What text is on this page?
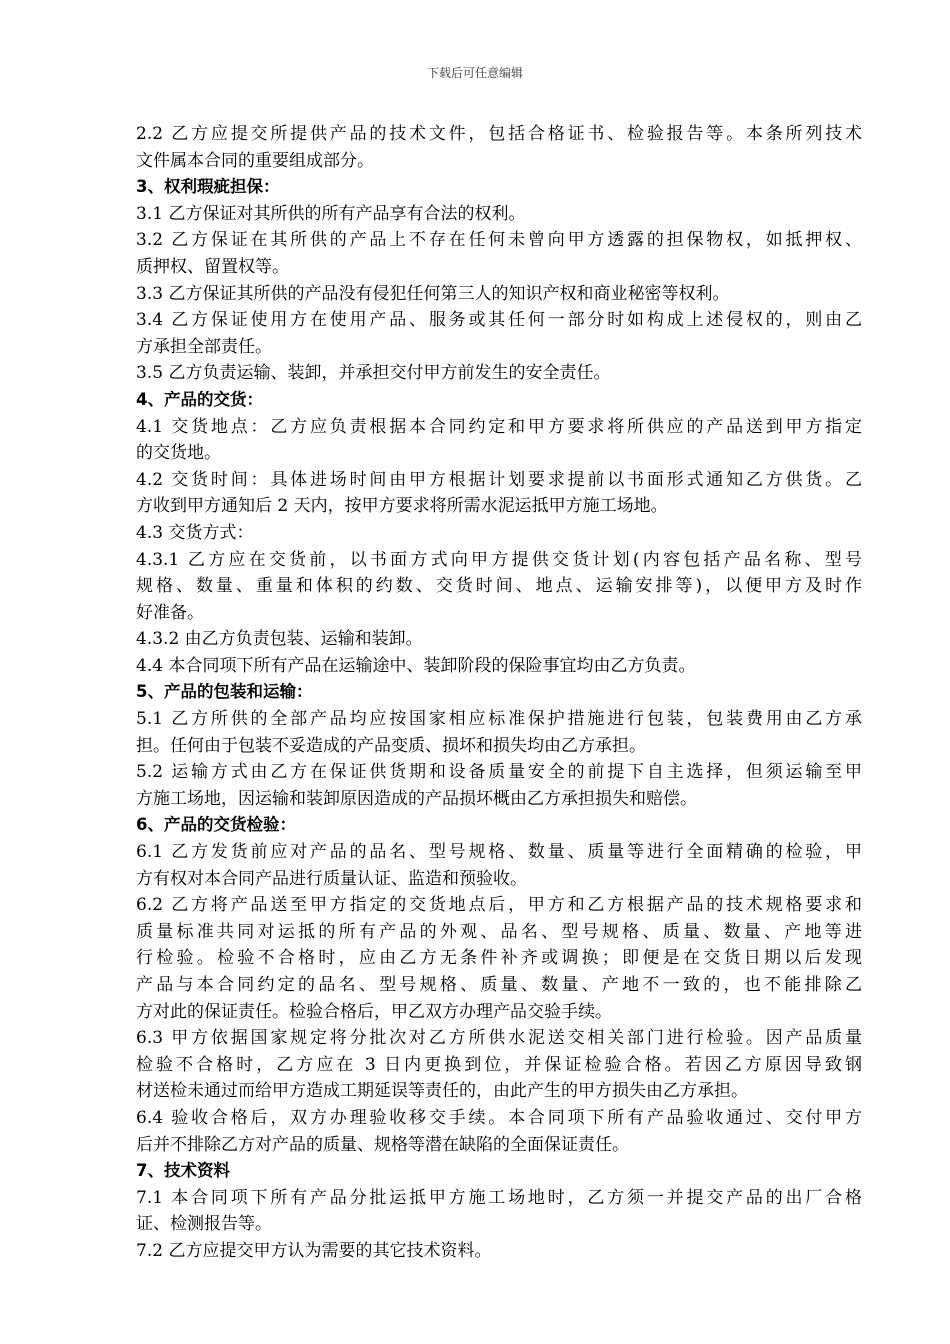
下载后可任意编辑
2.2 乙方应提交所提供产品的技术文件，包括合格证书、检验报告等。本条所列技术
文件属本合同的重要组成部分。
3、权利瑕疵担保：
3.1 乙方保证对其所供的所有产品享有合法的权利。
3.2 乙方保证在其所供的产品上不存在任何未曾向甲方透露的担保物权，如抵押权、
质押权、留置权等。
3.3 乙方保证其所供的产品没有侵犯任何第三人的知识产权和商业秘密等权利。
3.4 乙方保证使用方在使用产品、服务或其任何一部分时如构成上述侵权的，则由乙
方承担全部责任。
3.5 乙方负责运输、装卸，并承担交付甲方前发生的安全责任。
4、产品的交货：
4.1 交货地点：乙方应负责根据本合同约定和甲方要求将所供应的产品送到甲方指定
的交货地。
4.2 交货时间：具体进场时间由甲方根据计划要求提前以书面形式通知乙方供货。乙
方收到甲方通知后 2 天内，按甲方要求将所需水泥运抵甲方施工场地。
4.3 交货方式：
4.3.1 乙方应在交货前，以书面方式向甲方提供交货计划(内容包括产品名称、型号
规格、数量、重量和体积的约数、交货时间、地点、运输安排等)，以便甲方及时作
好准备。
4.3.2 由乙方负责包装、运输和装卸。
4.4 本合同项下所有产品在运输途中、装卸阶段的保险事宜均由乙方负责。
5、产品的包装和运输：
5.1 乙方所供的全部产品均应按国家相应标准保护措施进行包装，包装费用由乙方承
担。任何由于包装不妥造成的产品变质、损坏和损失均由乙方承担。
5.2 运输方式由乙方在保证供货期和设备质量安全的前提下自主选择，但须运输至甲
方施工场地，因运输和装卸原因造成的产品损坏概由乙方承担损失和赔偿。
6、产品的交货检验：
6.1 乙方发货前应对产品的品名、型号规格、数量、质量等进行全面精确的检验，甲
方有权对本合同产品进行质量认证、监造和预验收。
6.2 乙方将产品送至甲方指定的交货地点后，甲方和乙方根据产品的技术规格要求和
质量标准共同对运抵的所有产品的外观、品名、型号规格、质量、数量、产地等进
行检验。检验不合格时，应由乙方无条件补齐或调换；即便是在交货日期以后发现
产品与本合同约定的品名、型号规格、质量、数量、产地不一致的，也不能排除乙
方对此的保证责任。检验合格后，甲乙双方办理产品交验手续。
6.3 甲方依据国家规定将分批次对乙方所供水泥送交相关部门进行检验。因产品质量
检验不合格时，乙方应在 3 日内更换到位，并保证检验合格。若因乙方原因导致钢
材送检未通过而给甲方造成工期延误等责任的，由此产生的甲方损失由乙方承担。
6.4 验收合格后，双方办理验收移交手续。本合同项下所有产品验收通过、交付甲方
后并不排除乙方对产品的质量、规格等潜在缺陷的全面保证责任。
7、技术资料
7.1 本合同项下所有产品分批运抵甲方施工场地时，乙方须一并提交产品的出厂合格
证、检测报告等。
7.2 乙方应提交甲方认为需要的其它技术资料。
